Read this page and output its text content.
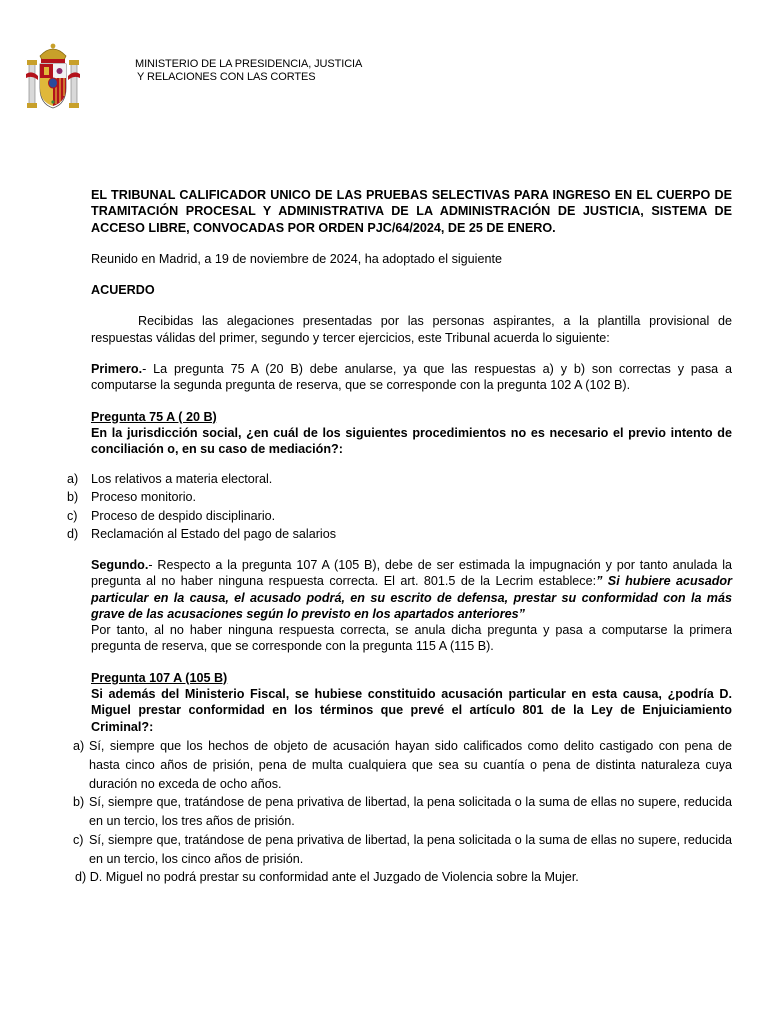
MINISTERIO DE LA PRESIDENCIA, JUSTICIA
Y RELACIONES CON LAS CORTES

EL TRIBUNAL CALIFICADOR UNICO DE LAS PRUEBAS SELECTIVAS PARA INGRESO EN EL CUERPO DE TRAMITACIÓN PROCESAL Y ADMINISTRATIVA DE LA ADMINISTRACIÓN DE JUSTICIA, SISTEMA DE ACCESO LIBRE, CONVOCADAS POR ORDEN PJC/64/2024, DE 25 DE ENERO.

Reunido en Madrid, a 19 de noviembre de 2024, ha adoptado el siguiente

ACUERDO

Recibidas las alegaciones presentadas por las personas aspirantes, a la plantilla provisional de respuestas válidas del primer, segundo y tercer ejercicios, este Tribunal acuerda lo siguiente:

Primero.- La pregunta 75 A (20 B) debe anularse, ya que las respuestas a) y b) son correctas y pasa a computarse la segunda pregunta de reserva, que se corresponde con la pregunta 102 A (102 B).

Pregunta 75 A ( 20 B)

En la jurisdicción social, ¿en cuál de los siguientes procedimientos no es necesario el previo intento de conciliación o, en su caso de mediación?:

a) Los relativos a materia electoral.
b) Proceso monitorio.
c) Proceso de despido disciplinario.
d) Reclamación al Estado del pago de salarios

Segundo.- Respecto a la pregunta 107 A (105 B), debe de ser estimada la impugnación y por tanto anulada la pregunta al no haber ninguna respuesta correcta. El art. 801.5 de la Lecrim establece:” Si hubiere acusador particular en la causa, el acusado podrá, en su escrito de defensa, prestar su conformidad con la más grave de las acusaciones según lo previsto en los apartados anteriores”

Por tanto, al no haber ninguna respuesta correcta, se anula dicha pregunta y pasa a computarse la primera pregunta de reserva, que se corresponde con la pregunta 115 A (115 B).

Pregunta 107 A (105 B)

Si además del Ministerio Fiscal, se hubiese constituido acusación particular en esta causa, ¿podría D. Miguel prestar conformidad en los términos que prevé el artículo 801 de la Ley de Enjuiciamiento Criminal?:

a) Sí, siempre que los hechos de objeto de acusación hayan sido calificados como delito castigado con pena de hasta cinco años de prisión, pena de multa cualquiera que sea su cuantía o pena de distinta naturaleza cuya duración no exceda de ocho años.
b) Sí, siempre que, tratándose de pena privativa de libertad, la pena solicitada o la suma de ellas no supere, reducida en un tercio, los tres años de prisión.
c) Sí, siempre que, tratándose de pena privativa de libertad, la pena solicitada o la suma de ellas no supere, reducida en un tercio, los cinco años de prisión.
d) D. Miguel no podrá prestar su conformidad ante el Juzgado de Violencia sobre la Mujer.
